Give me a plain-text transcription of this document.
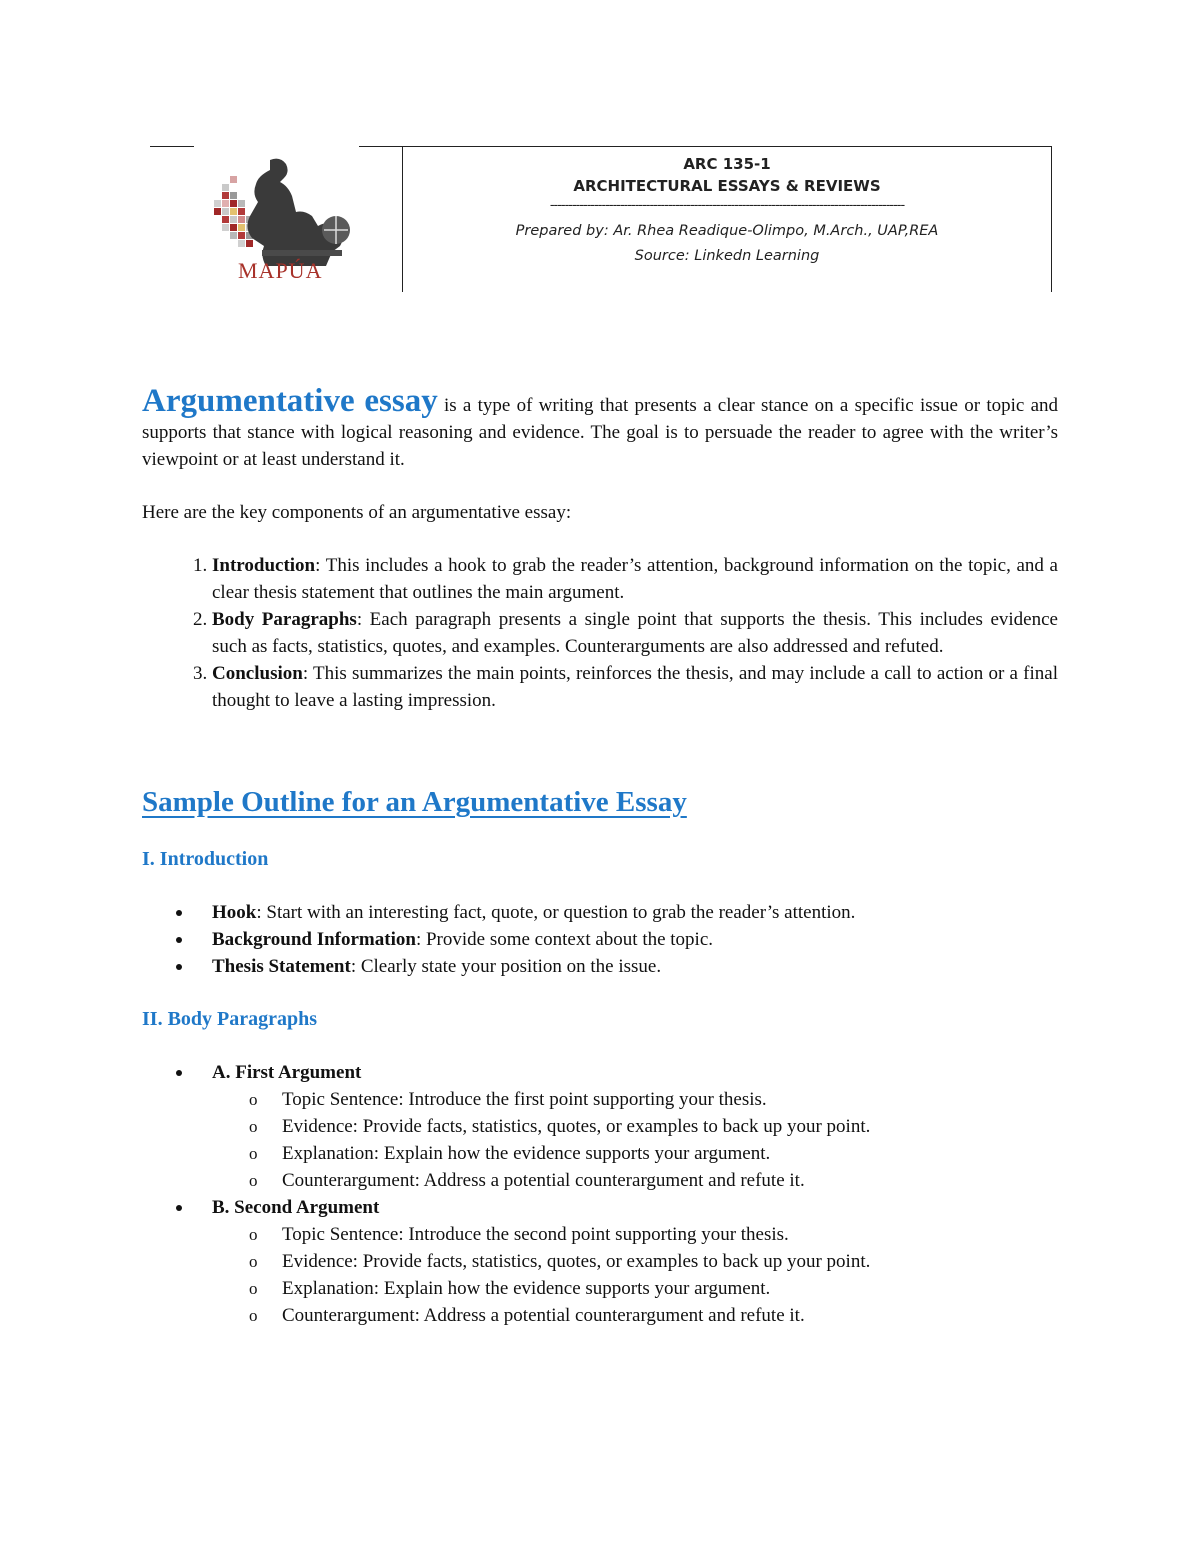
MAPÚA
ARC 135-1
ARCHITECTURAL ESSAYS & REVIEWS
------------------------------------------------------------------------------------------------
Prepared by: Ar. Rhea Readique-Olimpo, M.Arch., UAP,REA
Source: Linkedn Learning

Argumentative essay is a type of writing that presents a clear stance on a specific issue or topic and supports that stance with logical reasoning and evidence. The goal is to persuade the reader to agree with the writer’s viewpoint or at least understand it.

Here are the key components of an argumentative essay:

1. Introduction: This includes a hook to grab the reader’s attention, background information on the topic, and a clear thesis statement that outlines the main argument.
2. Body Paragraphs: Each paragraph presents a single point that supports the thesis. This includes evidence such as facts, statistics, quotes, and examples. Counterarguments are also addressed and refuted.
3. Conclusion: This summarizes the main points, reinforces the thesis, and may include a call to action or a final thought to leave a lasting impression.
Sample Outline for an Argumentative Essay
I. Introduction
Hook: Start with an interesting fact, quote, or question to grab the reader’s attention.
Background Information: Provide some context about the topic.
Thesis Statement: Clearly state your position on the issue.
II. Body Paragraphs
A. First Argument
o Topic Sentence: Introduce the first point supporting your thesis.
o Evidence: Provide facts, statistics, quotes, or examples to back up your point.
o Explanation: Explain how the evidence supports your argument.
o Counterargument: Address a potential counterargument and refute it.
B. Second Argument
o Topic Sentence: Introduce the second point supporting your thesis.
o Evidence: Provide facts, statistics, quotes, or examples to back up your point.
o Explanation: Explain how the evidence supports your argument.
o Counterargument: Address a potential counterargument and refute it.
